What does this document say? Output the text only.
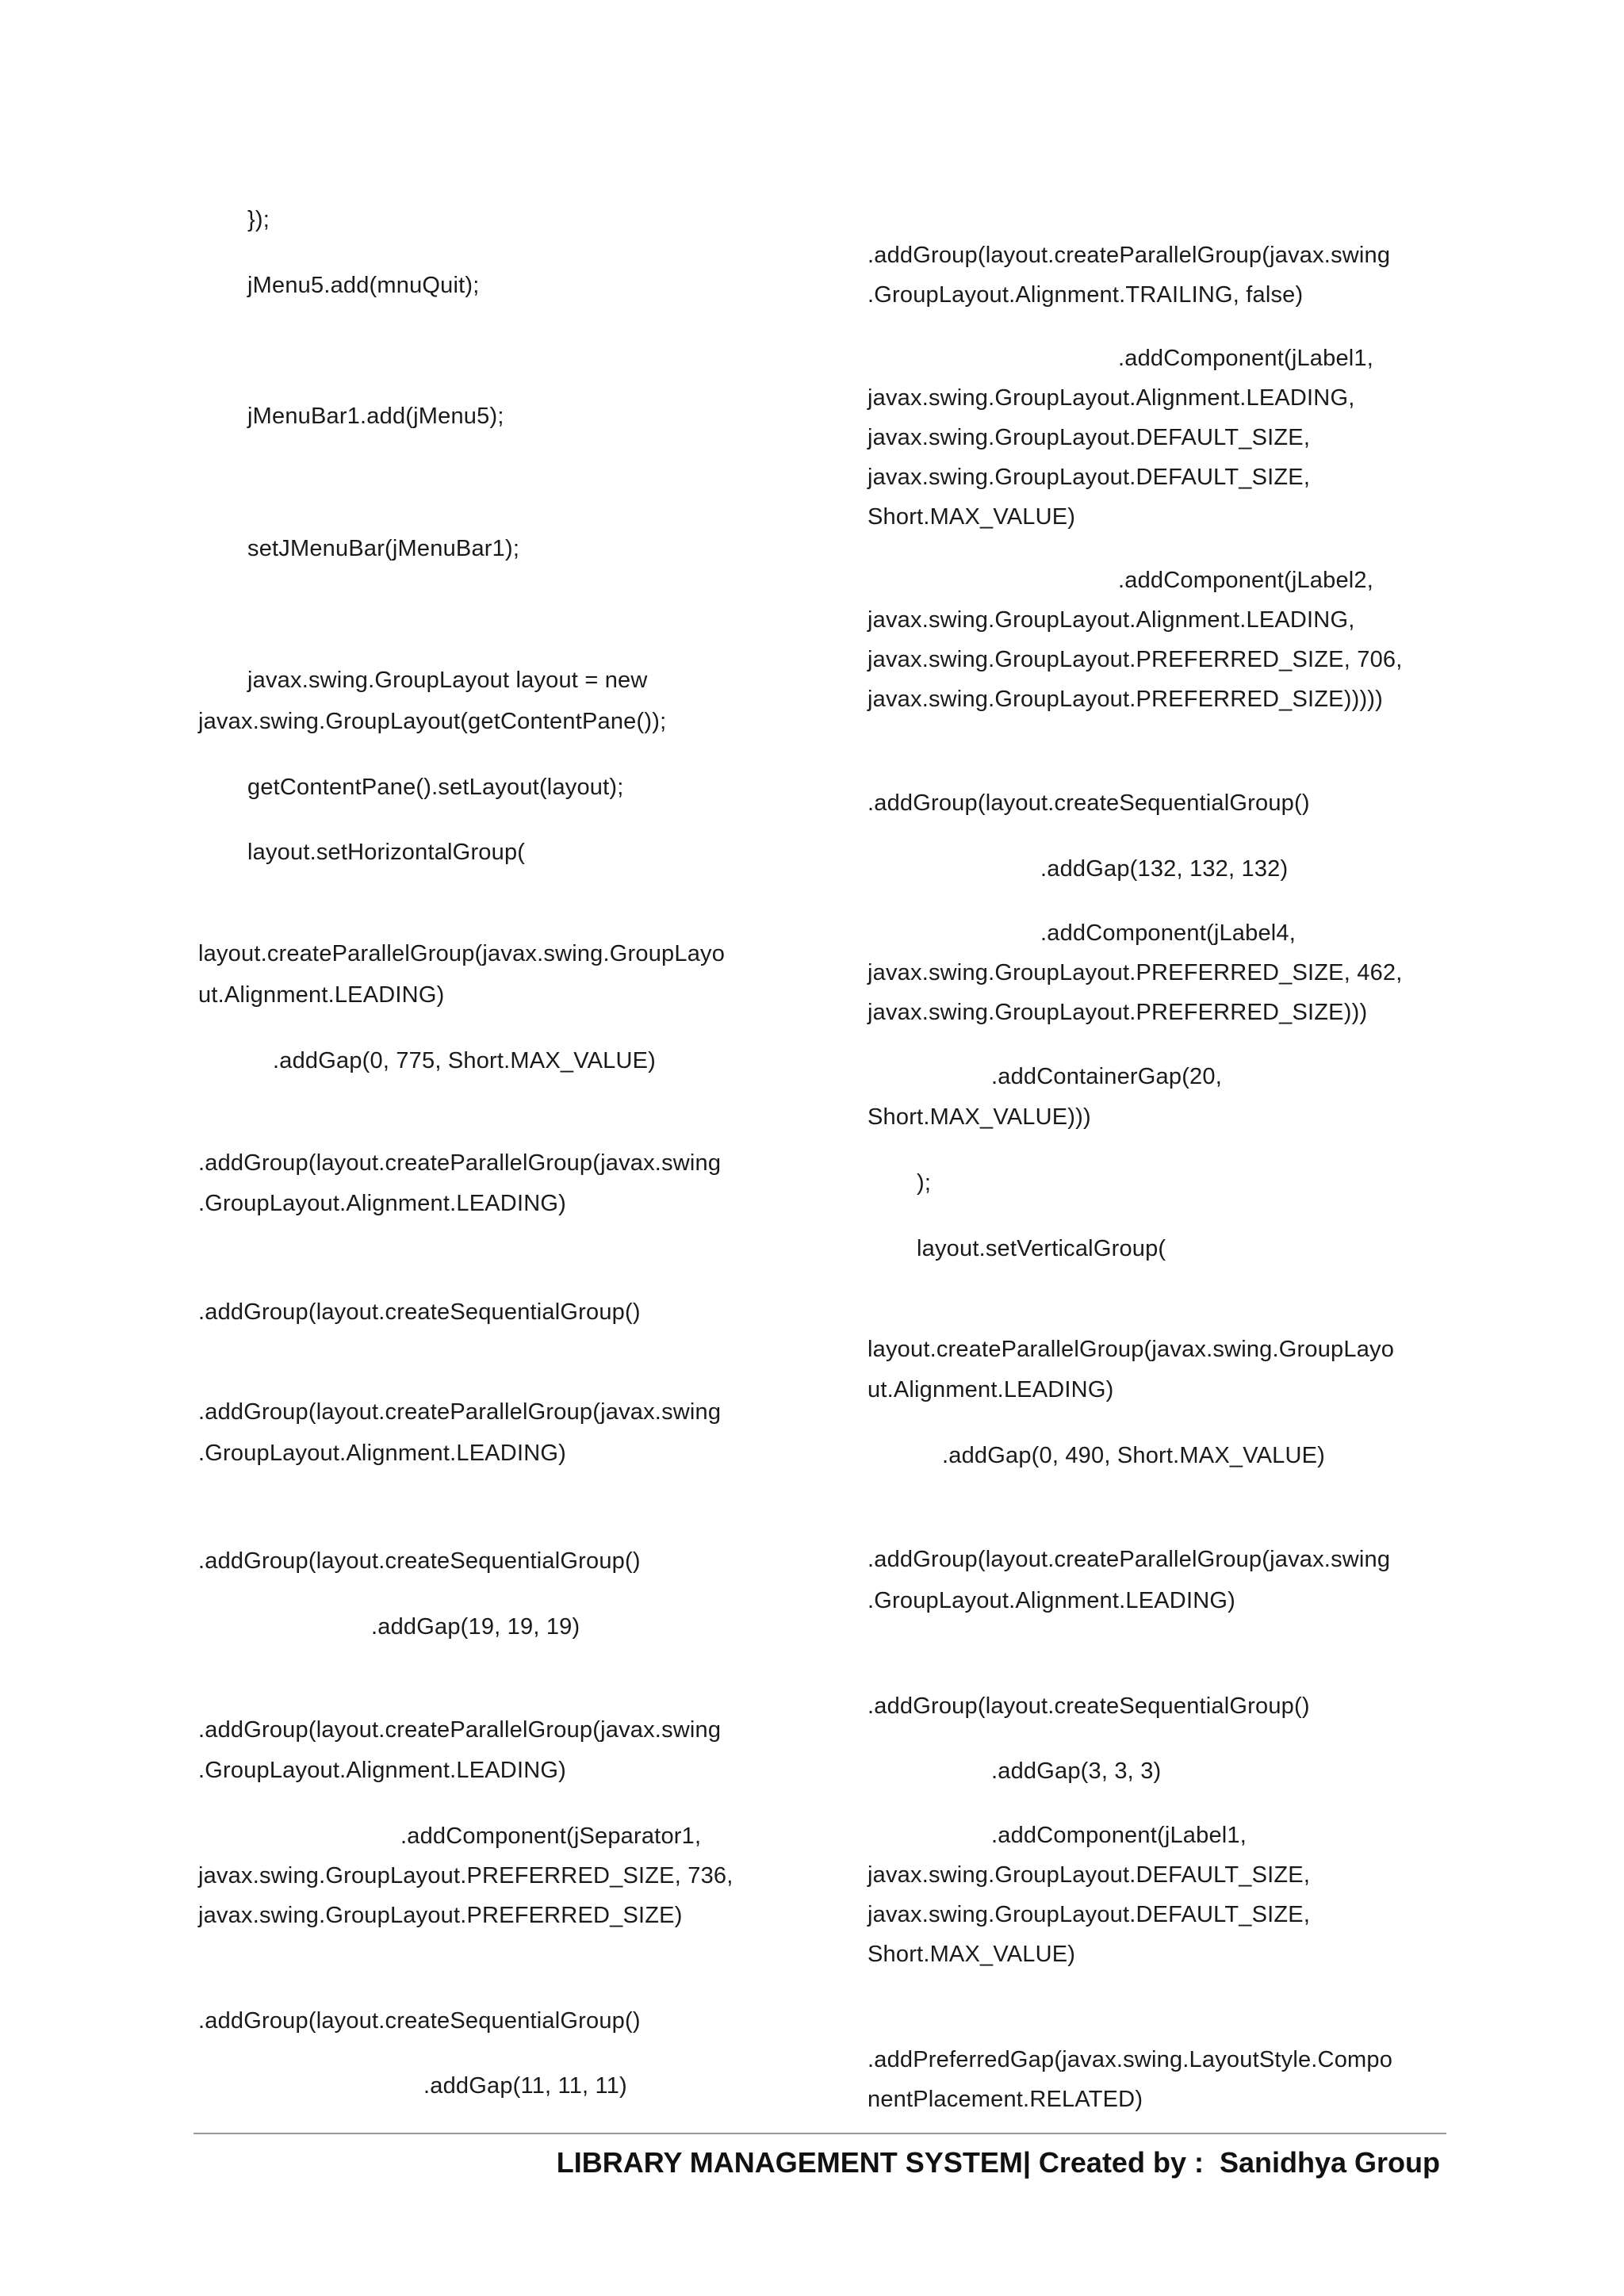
});
jMenu5.add(mnuQuit);
jMenuBar1.add(jMenu5);
setJMenuBar(jMenuBar1);
javax.swing.GroupLayout layout = new
javax.swing.GroupLayout(getContentPane());
getContentPane().setLayout(layout);
layout.setHorizontalGroup(
layout.createParallelGroup(javax.swing.GroupLayo
ut.Alignment.LEADING)
.addGap(0, 775, Short.MAX_VALUE)
.addGroup(layout.createParallelGroup(javax.swing
.GroupLayout.Alignment.LEADING)
.addGroup(layout.createSequentialGroup()
.addGroup(layout.createParallelGroup(javax.swing
.GroupLayout.Alignment.LEADING)
.addGroup(layout.createSequentialGroup()
.addGap(19, 19, 19)
.addGroup(layout.createParallelGroup(javax.swing
.GroupLayout.Alignment.LEADING)
.addComponent(jSeparator1,
javax.swing.GroupLayout.PREFERRED_SIZE, 736,
javax.swing.GroupLayout.PREFERRED_SIZE)
.addGroup(layout.createSequentialGroup()
.addGap(11, 11, 11)
.addGroup(layout.createParallelGroup(javax.swing
.GroupLayout.Alignment.TRAILING, false)
.addComponent(jLabel1,
javax.swing.GroupLayout.Alignment.LEADING,
javax.swing.GroupLayout.DEFAULT_SIZE,
javax.swing.GroupLayout.DEFAULT_SIZE,
Short.MAX_VALUE)
.addComponent(jLabel2,
javax.swing.GroupLayout.Alignment.LEADING,
javax.swing.GroupLayout.PREFERRED_SIZE, 706,
javax.swing.GroupLayout.PREFERRED_SIZE)))))
.addGroup(layout.createSequentialGroup()
.addGap(132, 132, 132)
.addComponent(jLabel4,
javax.swing.GroupLayout.PREFERRED_SIZE, 462,
javax.swing.GroupLayout.PREFERRED_SIZE)))
.addContainerGap(20,
Short.MAX_VALUE)))
);
layout.setVerticalGroup(
layout.createParallelGroup(javax.swing.GroupLayo
ut.Alignment.LEADING)
.addGap(0, 490, Short.MAX_VALUE)
.addGroup(layout.createParallelGroup(javax.swing
.GroupLayout.Alignment.LEADING)
.addGroup(layout.createSequentialGroup()
.addGap(3, 3, 3)
.addComponent(jLabel1,
javax.swing.GroupLayout.DEFAULT_SIZE,
javax.swing.GroupLayout.DEFAULT_SIZE,
Short.MAX_VALUE)
.addPreferredGap(javax.swing.LayoutStyle.Compo
nentPlacement.RELATED)
LIBRARY MANAGEMENT SYSTEM| Created by :  Sanidhya Group
